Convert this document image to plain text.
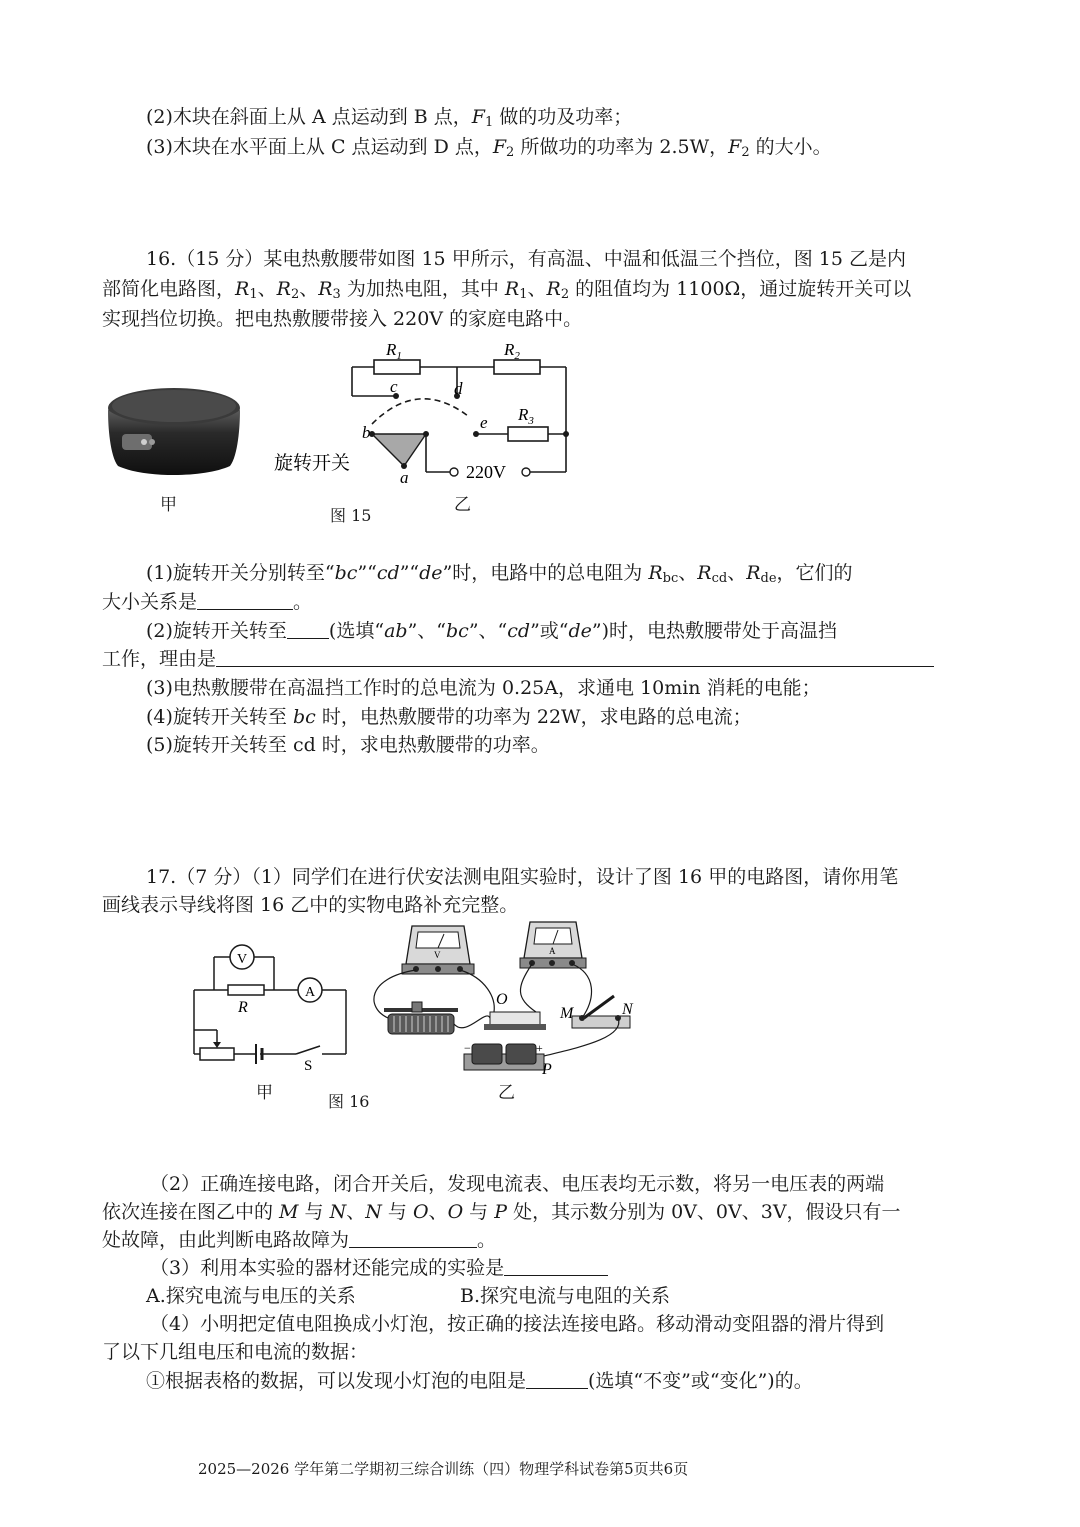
(2)木块在斜面上从 A 点运动到 B 点，$F_1$ 做的功及功率；
(3)木块在水平面上从 C 点运动到 D 点，$F_2$ 所做功的功率为 2.5W，$F_2$ 的大小。
16.（15 分）某电热敷腰带如图 15 甲所示，有高温、中温和低温三个挡位，图 15 乙是内
部简化电路图，$R_1$、$R_2$、$R_3$ 为加热电阻，其中 $R_1$、$R_2$ 的阻值均为 1100Ω，通过旋转开关可以
实现挡位切换。把电热敷腰带接入 220V 的家庭电路中。
甲
图 15
乙
$R_1$	$R_2$
$R_3$
c	d
e
b
a
旋转开关	220V
(1)旋转开关分别转至“bc”“cd”“de”时，电路中的总电阻为 $R_{bc}$、$R_{cd}$、$R_{de}$，它们的
大小关系是	。
(2)旋转开关转至 (选填“ab”、“bc”、“cd”或“de”)时，电热敷腰带处于高温挡
工作，理由是
(3)电热敷腰带在高温挡工作时的总电流为 0.25A，求通电 10min 消耗的电能；
(4)旋转开关转至 bc 时，电热敷腰带的功率为 22W，求电路的总电流；
(5)旋转开关转至 cd 时，求电热敷腰带的功率。
17.（7 分）（1）同学们在进行伏安法测电阻实验时，设计了图 16 甲的电路图，请你用笔
画线表示导线将图 16 乙中的实物电路补充完整。
V
A
R
S
甲	图 16	乙
V	A
O
M	N
P
+
−
（2）正确连接电路，闭合开关后，发现电流表、电压表均无示数，将另一电压表的两端
依次连接在图乙中的 M 与 N、N 与 O、O 与 P 处，其示数分别为 0V、0V、3V，假设只有一
处故障，由此判断电路故障为	。
（3）利用本实验的器材还能完成的实验是
A.探究电流与电压的关系	B.探究电流与电阻的关系
（4）小明把定值电阻换成小灯泡，按正确的接法连接电路。移动滑动变阻器的滑片得到
了以下几组电压和电流的数据：
①根据表格的数据，可以发现小灯泡的电阻是	(选填“不变”或“变化”)的。
2025—2026 学年第二学期初三综合训练（四）物理学科试卷第5页共6页
